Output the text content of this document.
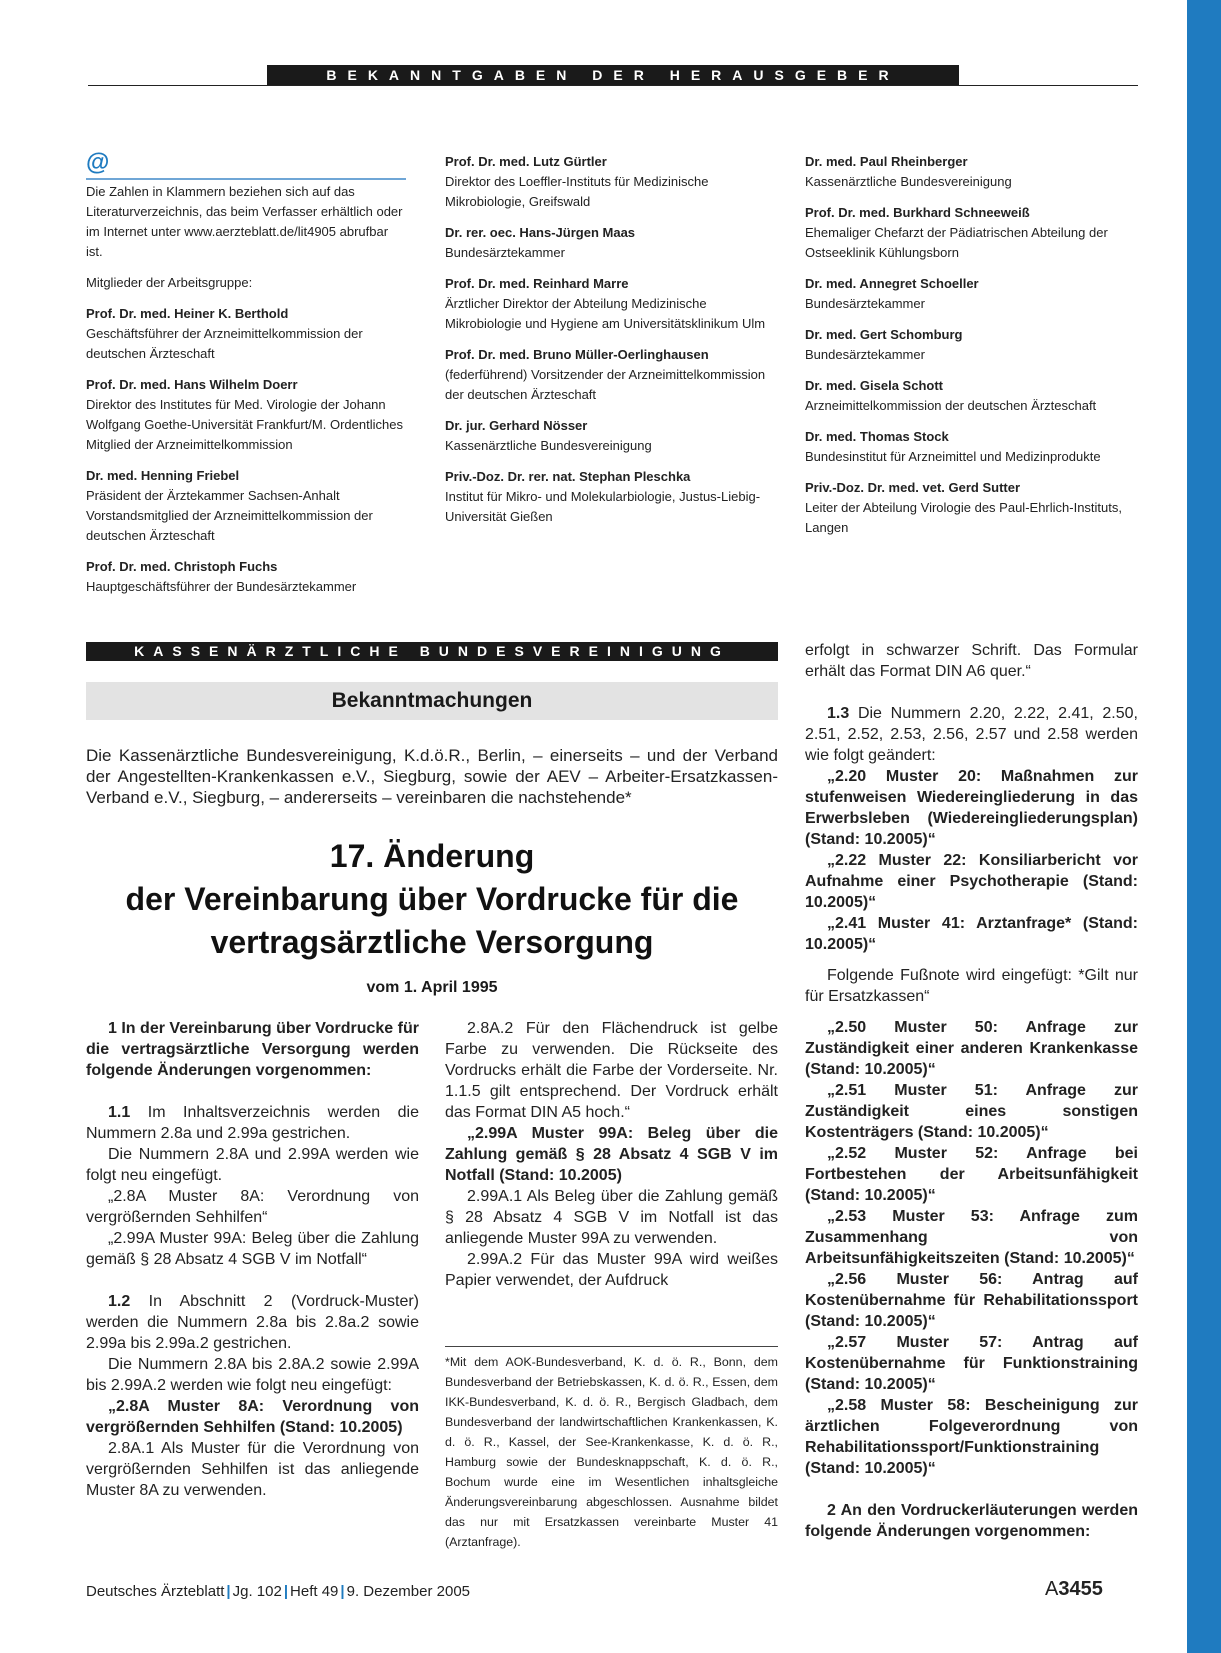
BEKANNTGABEN DER HERAUSGEBER
@

Die Zahlen in Klammern beziehen sich auf das Literaturverzeichnis, das beim Verfasser erhältlich oder im Internet unter www.aerzteblatt.de/lit4905 abrufbar ist.

Mitglieder der Arbeitsgruppe:

Prof. Dr. med. Heiner K. Berthold

Geschäftsführer der Arzneimittelkommission der deutschen Ärzteschaft

Prof. Dr. med. Hans Wilhelm Doerr

Direktor des Institutes für Med. Virologie der Johann Wolfgang Goethe-Universität Frankfurt/M. Ordentliches Mitglied der Arzneimittelkommission

Dr. med. Henning Friebel

Präsident der Ärztekammer Sachsen-Anhalt Vorstandsmitglied der Arzneimittelkommission der deutschen Ärzteschaft

Prof. Dr. med. Christoph Fuchs

Hauptgeschäftsführer der Bundesärztekammer

Prof. Dr. med. Lutz Gürtler

Direktor des Loeffler-Instituts für Medizinische Mikrobiologie, Greifswald

Dr. rer. oec. Hans-Jürgen Maas

Bundesärztekammer

Prof. Dr. med. Reinhard Marre

Ärztlicher Direktor der Abteilung Medizinische Mikrobiologie und Hygiene am Universitätsklinikum Ulm

Prof. Dr. med. Bruno Müller-Oerlinghausen

(federführend) Vorsitzender der Arzneimittelkommission der deutschen Ärzteschaft

Dr. jur. Gerhard Nösser

Kassenärztliche Bundesvereinigung

Priv.-Doz. Dr. rer. nat. Stephan Pleschka

Institut für Mikro- und Molekularbiologie, Justus-Liebig-Universität Gießen

Dr. med. Paul Rheinberger

Kassenärztliche Bundesvereinigung

Prof. Dr. med. Burkhard Schneeweiß

Ehemaliger Chefarzt der Pädiatrischen Abteilung der Ostseeklinik Kühlungsborn

Dr. med. Annegret Schoeller

Bundesärztekammer

Dr. med. Gert Schomburg

Bundesärztekammer

Dr. med. Gisela Schott

Arzneimittelkommission der deutschen Ärzteschaft

Dr. med. Thomas Stock

Bundesinstitut für Arzneimittel und Medizinprodukte

Priv.-Doz. Dr. med. vet. Gerd Sutter

Leiter der Abteilung Virologie des Paul-Ehrlich-Instituts, Langen

KASSENÄRZTLICHE BUNDESVEREINIGUNG
Bekanntmachungen
Die Kassenärztliche Bundesvereinigung, K.d.ö.R., Berlin, – einerseits – und der Verband der Angestellten-Krankenkassen e.V., Siegburg, sowie der AEV – Arbeiter-Ersatzkassen-Verband e.V., Siegburg, – andererseits – vereinbaren die nachstehende*
17. Änderung
der Vereinbarung über Vordrucke für die
vertragsärztliche Versorgung
vom 1. April 1995

1 In der Vereinbarung über Vordrucke für die vertragsärztliche Versorgung werden folgende Änderungen vorgenommen:

1.1 Im Inhaltsverzeichnis werden die Nummern 2.8a und 2.99a gestrichen.

Die Nummern 2.8A und 2.99A werden wie folgt neu eingefügt.

„2.8A Muster 8A: Verordnung von vergrößernden Sehhilfen“

„2.99A Muster 99A: Beleg über die Zahlung gemäß § 28 Absatz 4 SGB V im Notfall“

1.2 In Abschnitt 2 (Vordruck-Muster) werden die Nummern 2.8a bis 2.8a.2 sowie 2.99a bis 2.99a.2 gestrichen.

Die Nummern 2.8A bis 2.8A.2 sowie 2.99A bis 2.99A.2 werden wie folgt neu eingefügt:

„2.8A Muster 8A: Verordnung von vergrößernden Sehhilfen (Stand: 10.2005)

2.8A.1 Als Muster für die Verordnung von vergrößernden Sehhilfen ist das anliegende Muster 8A zu verwenden.

2.8A.2 Für den Flächendruck ist gelbe Farbe zu verwenden. Die Rückseite des Vordrucks erhält die Farbe der Vorderseite. Nr. 1.1.5 gilt entsprechend. Der Vordruck erhält das Format DIN A5 hoch.“

„2.99A Muster 99A: Beleg über die Zahlung gemäß § 28 Absatz 4 SGB V im Notfall (Stand: 10.2005)

2.99A.1 Als Beleg über die Zahlung gemäß § 28 Absatz 4 SGB V im Notfall ist das anliegende Muster 99A zu verwenden.

2.99A.2 Für das Muster 99A wird weißes Papier verwendet, der Aufdruck

*Mit dem AOK-Bundesverband, K. d. ö. R., Bonn, dem Bundesverband der Betriebskassen, K. d. ö. R., Essen, dem IKK-Bundesverband, K. d. ö. R., Bergisch Gladbach, dem Bundesverband der landwirtschaftlichen Krankenkassen, K. d. ö. R., Kassel, der See-Krankenkasse, K. d. ö. R., Hamburg sowie der Bundesknappschaft, K. d. ö. R., Bochum wurde eine im Wesentlichen inhaltsgleiche Änderungsvereinbarung abgeschlossen. Ausnahme bildet das nur mit Ersatzkassen vereinbarte Muster 41 (Arztanfrage).

erfolgt in schwarzer Schrift. Das Formular erhält das Format DIN A6 quer.“

1.3 Die Nummern 2.20, 2.22, 2.41, 2.50, 2.51, 2.52, 2.53, 2.56, 2.57 und 2.58 werden wie folgt geändert:

„2.20 Muster 20: Maßnahmen zur stufenweisen Wiedereingliederung in das Erwerbsleben (Wiedereingliederungsplan) (Stand: 10.2005)“

„2.22 Muster 22: Konsiliarbericht vor Aufnahme einer Psychotherapie (Stand: 10.2005)“

„2.41 Muster 41: Arztanfrage* (Stand: 10.2005)“

Folgende Fußnote wird eingefügt: *Gilt nur für Ersatzkassen“

„2.50 Muster 50: Anfrage zur Zuständigkeit einer anderen Krankenkasse (Stand: 10.2005)“

„2.51 Muster 51: Anfrage zur Zuständigkeit eines sonstigen Kostenträgers (Stand: 10.2005)“

„2.52 Muster 52: Anfrage bei Fortbestehen der Arbeitsunfähigkeit (Stand: 10.2005)“

„2.53 Muster 53: Anfrage zum Zusammenhang von Arbeitsunfähigkeitszeiten (Stand: 10.2005)“

„2.56 Muster 56: Antrag auf Kostenübernahme für Rehabilitationssport (Stand: 10.2005)“

„2.57 Muster 57: Antrag auf Kostenübernahme für Funktionstraining (Stand: 10.2005)“

„2.58 Muster 58: Bescheinigung zur ärztlichen Folgeverordnung von Rehabilitationssport/Funktionstraining (Stand: 10.2005)“

2 An den Vordruckerläuterungen werden folgende Änderungen vorgenommen:

Deutsches Ärzteblatt | Jg. 102 | Heft 49 | 9. Dezember 2005	A3455
